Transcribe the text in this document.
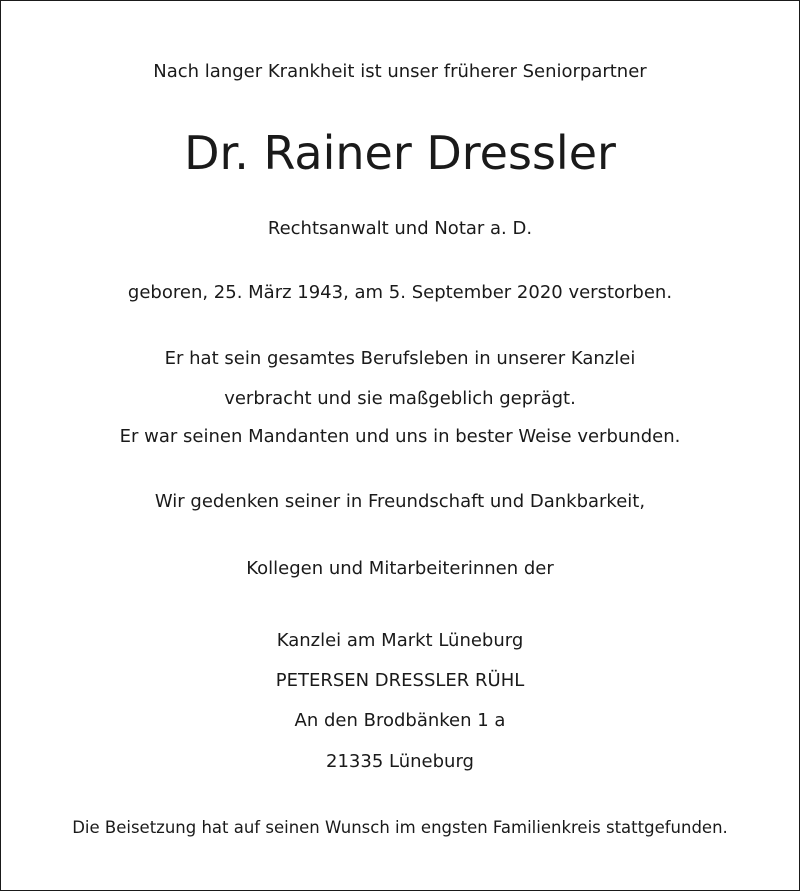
Nach langer Krankheit ist unser früherer Seniorpartner

Dr. Rainer Dressler

Rechtsanwalt und Notar a. D.

geboren, 25. März 1943, am 5. September 2020 verstorben.

Er hat sein gesamtes Berufsleben in unserer Kanzlei

verbracht und sie maßgeblich geprägt.

Er war seinen Mandanten und uns in bester Weise verbunden.

Wir gedenken seiner in Freundschaft und Dankbarkeit,

Kollegen und Mitarbeiterinnen der

Kanzlei am Markt Lüneburg

PETERSEN DRESSLER RÜHL

An den Brodbänken 1 a

21335 Lüneburg

Die Beisetzung hat auf seinen Wunsch im engsten Familienkreis stattgefunden.
